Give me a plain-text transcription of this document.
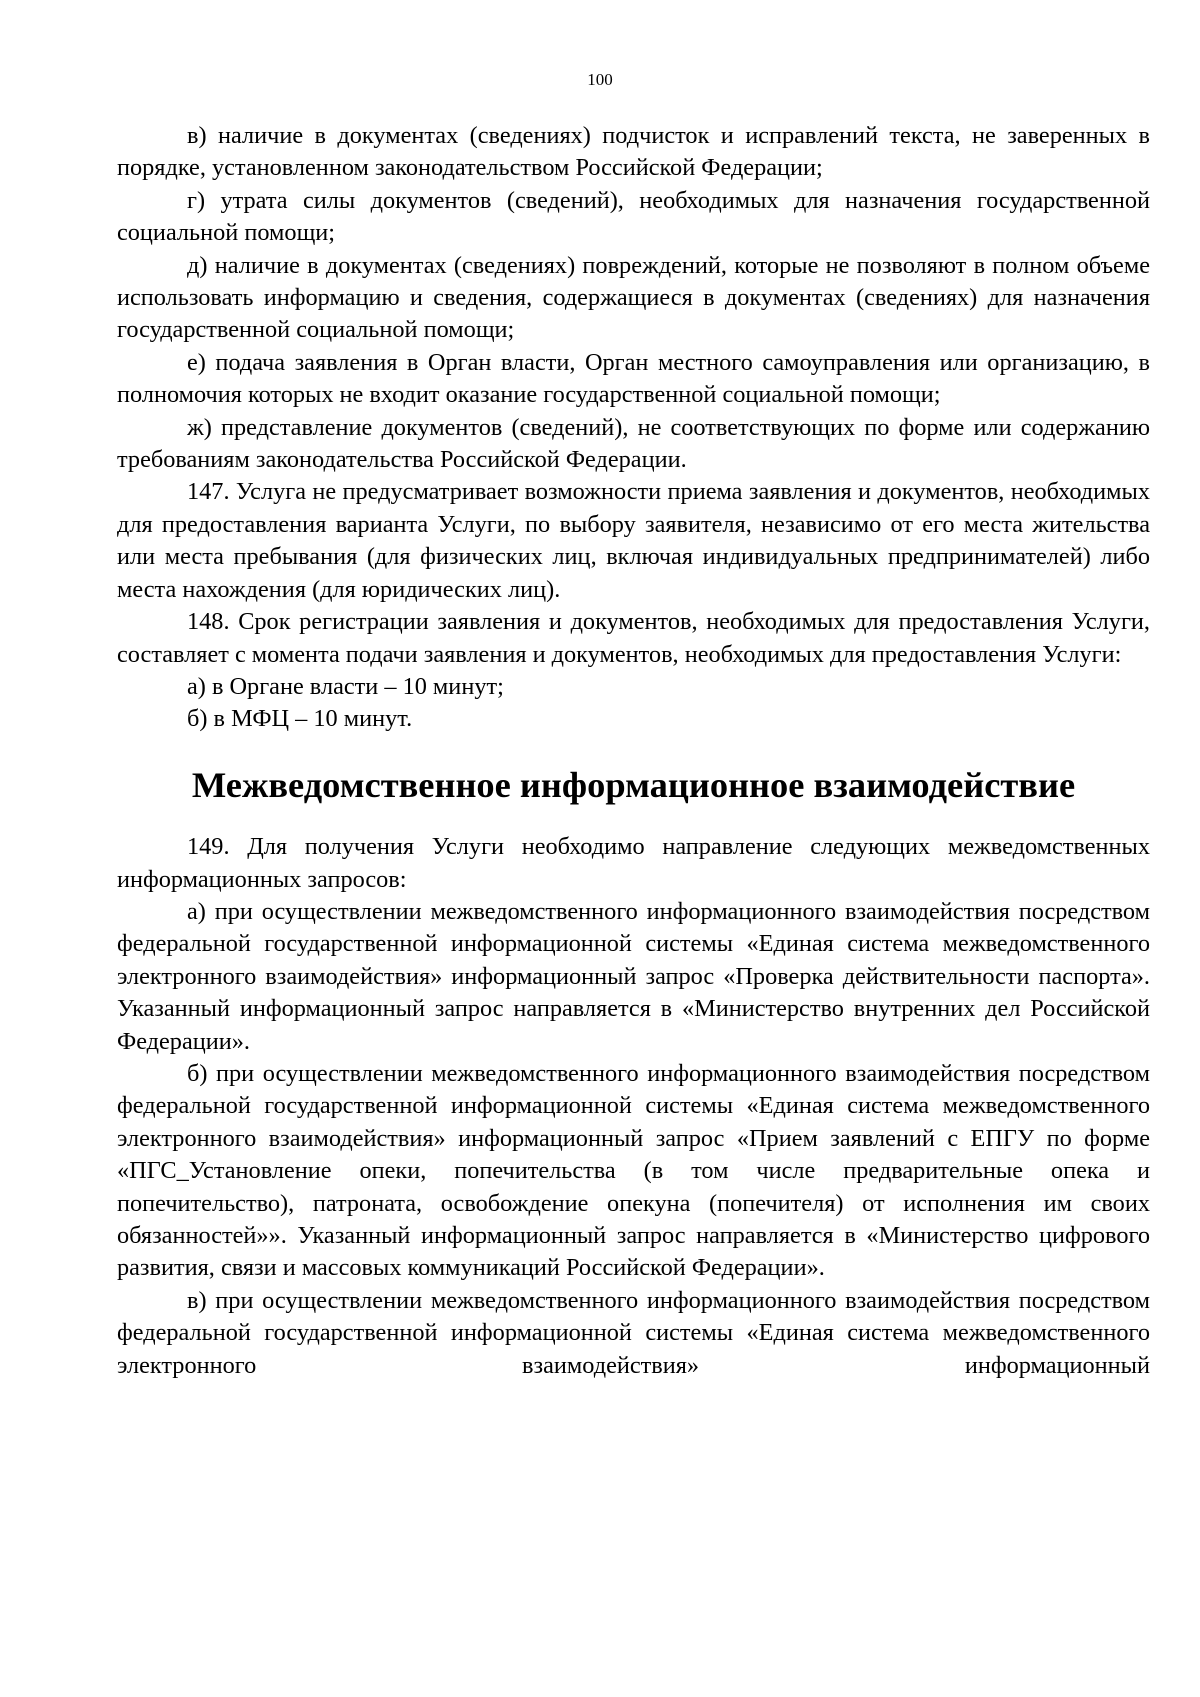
100

в) наличие в документах (сведениях) подчисток и исправлений текста, не заверенных в порядке, установленном законодательством Российской Федерации;

г) утрата силы документов (сведений), необходимых для назначения государственной социальной помощи;

д) наличие в документах (сведениях) повреждений, которые не позволяют в полном объеме использовать информацию и сведения, содержащиеся в документах (сведениях) для назначения государственной социальной помощи;

е) подача заявления в Орган власти, Орган местного самоуправления или организацию, в полномочия которых не входит оказание государственной социальной помощи;

ж) представление документов (сведений), не соответствующих по форме или содержанию требованиям законодательства Российской Федерации.

147. Услуга не предусматривает возможности приема заявления и документов, необходимых для предоставления варианта Услуги, по выбору заявителя, независимо от его места жительства или места пребывания (для физических лиц, включая индивидуальных предпринимателей) либо места нахождения (для юридических лиц).

148. Срок регистрации заявления и документов, необходимых для предоставления Услуги, составляет с момента подачи заявления и документов, необходимых для предоставления Услуги:

а) в Органе власти – 10 минут;

б) в МФЦ – 10 минут.

Межведомственное информационное взаимодействие

149. Для получения Услуги необходимо направление следующих межведомственных информационных запросов:

а) при осуществлении межведомственного информационного взаимодействия посредством федеральной государственной информационной системы «Единая система межведомственного электронного взаимодействия» информационный запрос «Проверка действительности паспорта». Указанный информационный запрос направляется в «Министерство внутренних дел Российской Федерации».

б) при осуществлении межведомственного информационного взаимодействия посредством федеральной государственной информационной системы «Единая система межведомственного электронного взаимодействия» информационный запрос «Прием заявлений с ЕПГУ по форме «ПГС_Установление опеки, попечительства (в том числе предварительные опека и попечительство), патроната, освобождение опекуна (попечителя) от исполнения им своих обязанностей»». Указанный информационный запрос направляется в «Министерство цифрового развития, связи и массовых коммуникаций Российской Федерации».

в) при осуществлении межведомственного информационного взаимодействия посредством федеральной государственной информационной системы «Единая система межведомственного электронного взаимодействия» информационный
